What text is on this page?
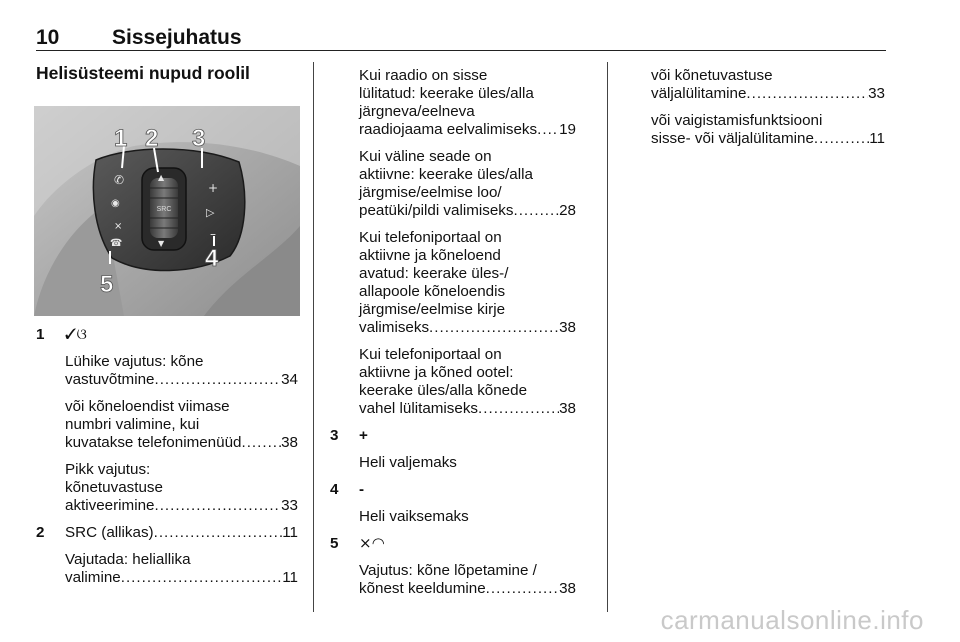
10	Sissejuhatus
Helisüsteemi nupud roolil
SRC
✆
◉
⨯
☎
+
▷
–
▲
▼
1 2 3
4
5
1 ✓ଓ

Lühike vajutus: kõne
vastuvõtmine .....	34

või kõneloendist viimase
numbri valimine, kui
kuvatakse telefonimenüüd .....	38

Pikk vajutus:
kõnetuvastuse
aktiveerimine .....	33

2 SRC (allikas) .....	11

Vajutada: heliallika
valimine .....	11

Kui raadio on sisse
lülitatud: keerake üles/alla
järgneva/eelneva
raadiojaama eelvalimiseks ..... 19

Kui väline seade on
aktiivne: keerake üles/alla
järgmise/eelmise loo/
peatüki/pildi valimiseks .....	28

Kui telefoniportaal on
aktiivne ja kõneloend
avatud: keerake üles-/
allapoole kõneloendis
järgmise/eelmise kirje
valimiseks .....	38

Kui telefoniportaal on
aktiivne ja kõned ootel:
keerake üles/alla kõnede
vahel lülitamiseks .....	38

3 +

Heli valjemaks

4 -

Heli vaiksemaks

5 ⨯◠

Vajutus: kõne lõpetamine /
kõnest keeldumine .....	38

või kõnetuvastuse
väljalülitamine .....	33

või vaigistamisfunktsiooni
sisse- või väljalülitamine .....	11

carmanualsonline.info
